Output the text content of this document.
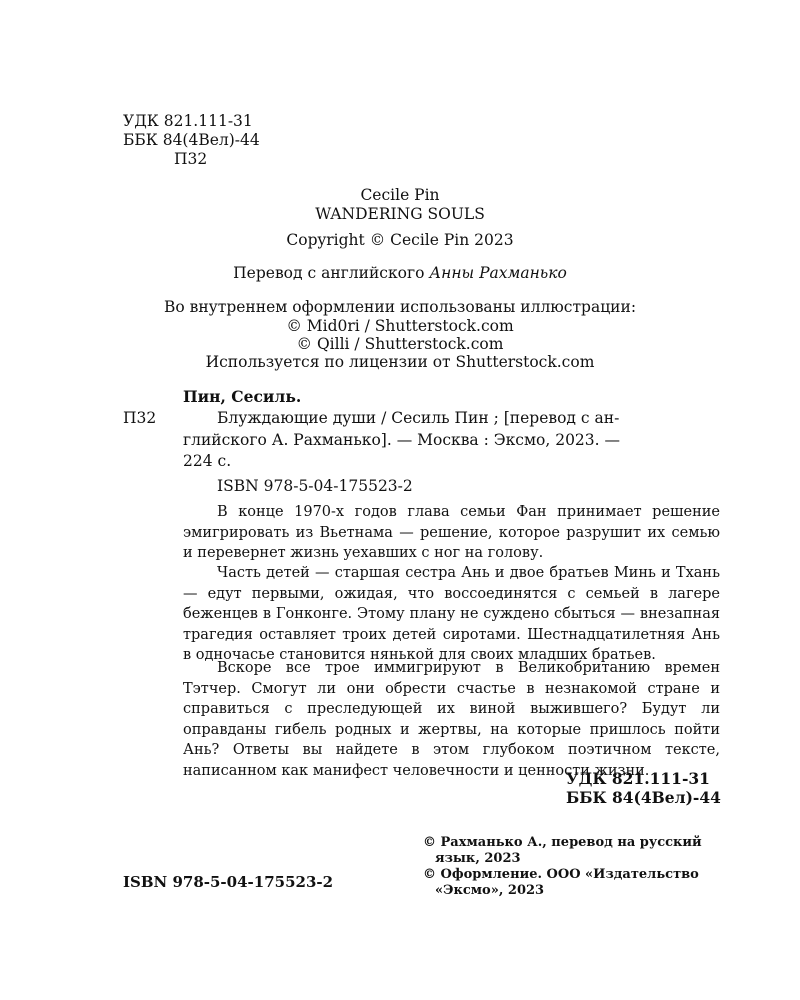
УДК 821.111-31
ББК 84(4Вел)-44
П32
Cecile Pin
WANDERING SOULS
Copyright © Cecile Pin 2023
Перевод с английского Анны Рахманько
Во внутреннем оформлении использованы иллюстрации:
© Mid0ri / Shutterstock.com
© Qilli / Shutterstock.com
Используется по лицензии от Shutterstock.com
Пин, Сесиль.
П32	Блуждающие души / Сесиль Пин ; [перевод с ан-
глийского А. Рахманько]. — Москва : Эксмо, 2023. —
224 с.
ISBN 978-5-04-175523-2
В конце 1970-х годов глава семьи Фан принимает решение эмигрировать из Вьетнама — решение, которое разрушит их семью и перевернет жизнь уехавших с ног на голову.
Часть детей — старшая сестра Ань и двое братьев Минь и Тхань — едут первыми, ожидая, что воссоединятся с семьей в лагере беженцев в Гонконге. Этому плану не суждено сбыться — внезапная трагедия оставляет троих детей сиротами. Шестнадцатилетняя Ань в одночасье становится нянькой для своих младших братьев.
Вскоре все трое иммигрируют в Великобританию времен Тэтчер. Смогут ли они обрести счастье в незнакомой стране и справиться с преследующей их виной выжившего? Будут ли оправданы гибель родных и жертвы, на которые пришлось пойти Ань? Ответы вы найдете в этом глубоком поэтичном тексте, написанном как манифест человечности и ценности жизни.
УДК 821.111-31
ББК 84(4Вел)-44
ISBN 978-5-04-175523-2
© Рахманько А., перевод на русский
язык, 2023
© Оформление. ООО «Издательство
«Эксмо», 2023
